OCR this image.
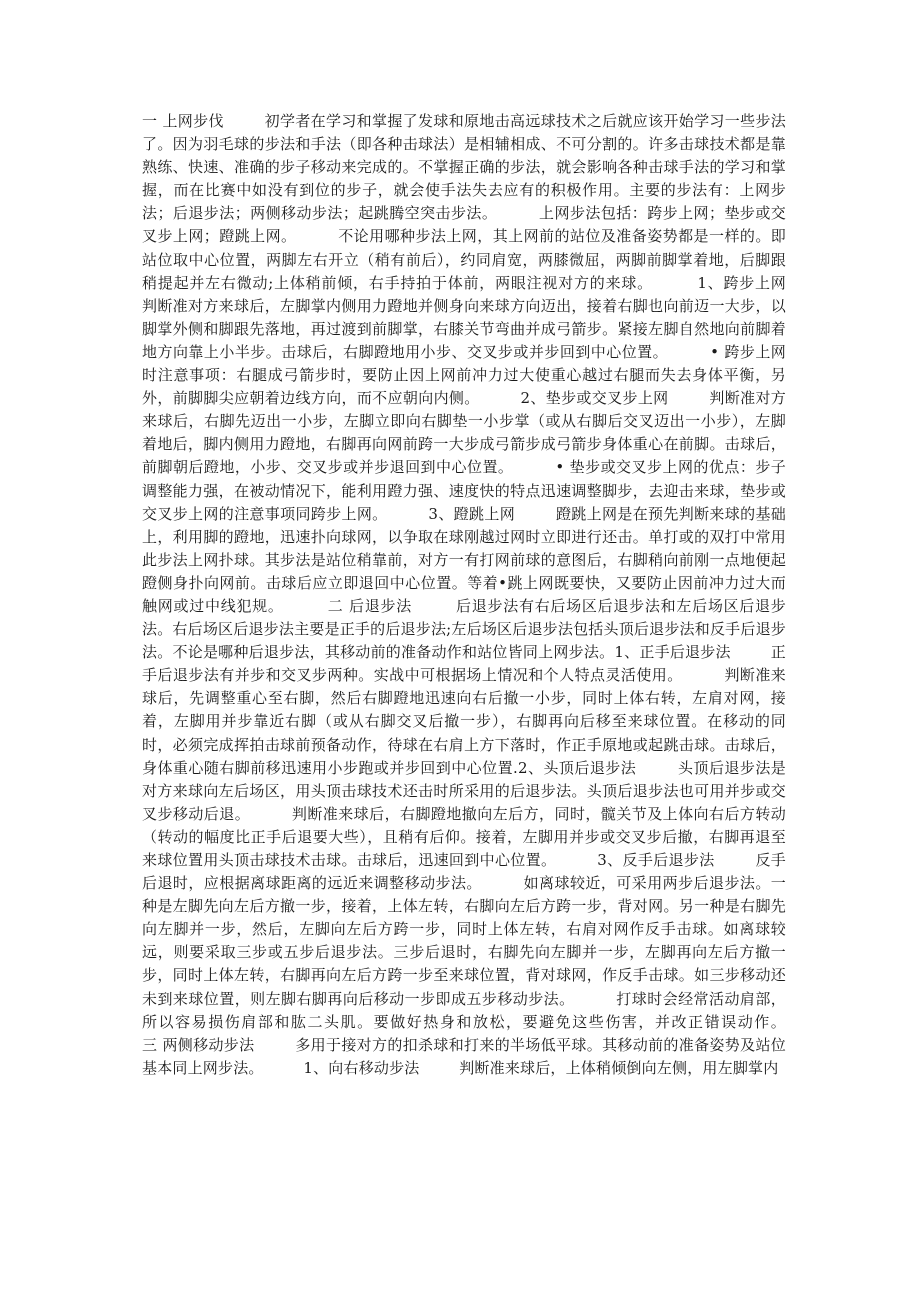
一 上网步伐        初学者在学习和掌握了发球和原地击高远球技术之后就应该开始学习一些步法了。因为羽毛球的步法和手法（即各种击球法）是相辅相成、不可分割的。许多击球技术都是靠熟练、快速、准确的步子移动来完成的。不掌握正确的步法，就会影响各种击球手法的学习和掌握，而在比赛中如没有到位的步子，就会使手法失去应有的积极作用。主要的步法有：上网步法；后退步法；两侧移动步法；起跳腾空突击步法。        上网步法包括：跨步上网；垫步或交叉步上网；蹬跳上网。        不论用哪种步法上网，其上网前的站位及准备姿势都是一样的。即站位取中心位置，两脚左右开立（稍有前后），约同肩宽，两膝微屈，两脚前脚掌着地，后脚跟稍提起并左右微动;上体稍前倾，右手持拍于体前，两眼注视对方的来球。        1、跨步上网        判断准对方来球后，左脚掌内侧用力蹬地并侧身向来球方向迈出，接着右脚也向前迈一大步，以脚掌外侧和脚跟先落地，再过渡到前脚掌，右膝关节弯曲并成弓箭步。紧接左脚自然地向前脚着地方向靠上小半步。击球后，右脚蹬地用小步、交叉步或并步回到中心位置。        • 跨步上网时注意事项：右腿成弓箭步时，要防止因上网前冲力过大使重心越过右腿而失去身体平衡，另外，前脚脚尖应朝着边线方向，而不应朝向内侧。        2、垫步或交叉步上网        判断准对方来球后，右脚先迈出一小步，左脚立即向右脚垫一小步掌（或从右脚后交叉迈出一小步），左脚着地后，脚内侧用力蹬地，右脚再向网前跨一大步成弓箭步成弓箭步身体重心在前脚。击球后，前脚朝后蹬地，小步、交叉步或并步退回到中心位置。        • 垫步或交叉步上网的优点：步子调整能力强，在被动情况下，能利用蹬力强、速度快的特点迅速调整脚步，去迎击来球，垫步或交叉步上网的注意事项同跨步上网。        3、蹬跳上网        蹬跳上网是在预先判断来球的基础上，利用脚的蹬地，迅速扑向球网，以争取在球刚越过网时立即进行还击。单打或的双打中常用此步法上网扑球。其步法是站位稍靠前，对方一有打网前球的意图后，右脚稍向前刚一点地便起蹬侧身扑向网前。击球后应立即退回中心位置。等着•跳上网既要快，又要防止因前冲力过大而触网或过中线犯规。        二 后退步法        后退步法有右后场区后退步法和左后场区后退步法。右后场区后退步法主要是正手的后退步法;左后场区后退步法包括头顶后退步法和反手后退步法。不论是哪种后退步法，其移动前的准备动作和站位皆同上网步法。1、正手后退步法        正手后退步法有并步和交叉步两种。实战中可根据场上情况和个人特点灵活使用。        判断准来球后，先调整重心至右脚，然后右脚蹬地迅速向右后撤一小步，同时上体右转，左肩对网，接着，左脚用并步靠近右脚（或从右脚交叉后撤一步），右脚再向后移至来球位置。在移动的同时，必须完成挥拍击球前预备动作，待球在右肩上方下落时，作正手原地或起跳击球。击球后，身体重心随右脚前移迅速用小步跑或并步回到中心位置.2、头顶后退步法        头顶后退步法是对方来球向左后场区，用头顶击球技术还击时所采用的后退步法。头顶后退步法也可用并步或交叉步移动后退。        判断准来球后，右脚蹬地撤向左后方，同时，髋关节及上体向右后方转动（转动的幅度比正手后退要大些），且稍有后仰。接着，左脚用并步或交叉步后撤，右脚再退至来球位置用头顶击球技术击球。击球后，迅速回到中心位置。        3、反手后退步法        反手后退时，应根据离球距离的远近来调整移动步法。        如离球较近，可采用两步后退步法。一种是左脚先向左后方撤一步，接着，上体左转，右脚向左后方跨一步，背对网。另一种是右脚先向左脚并一步，然后，左脚向左后方跨一步，同时上体左转，右肩对网作反手击球。如离球较远，则要采取三步或五步后退步法。三步后退时，右脚先向左脚并一步，左脚再向左后方撤一步，同时上体左转，右脚再向左后方跨一步至来球位置，背对球网，作反手击球。如三步移动还未到来球位置，则左脚右脚再向后移动一步即成五步移动步法。        打球时会经常活动肩部，所以容易损伤肩部和肱二头肌。要做好热身和放松，要避免这些伤害，并改正错误动作。        三 两侧移动步法        多用于接对方的扣杀球和打来的半场低平球。其移动前的准备姿势及站位基本同上网步法。        1、向右移动步法        判断准来球后，上体稍倾倒向左侧，用左脚掌内
